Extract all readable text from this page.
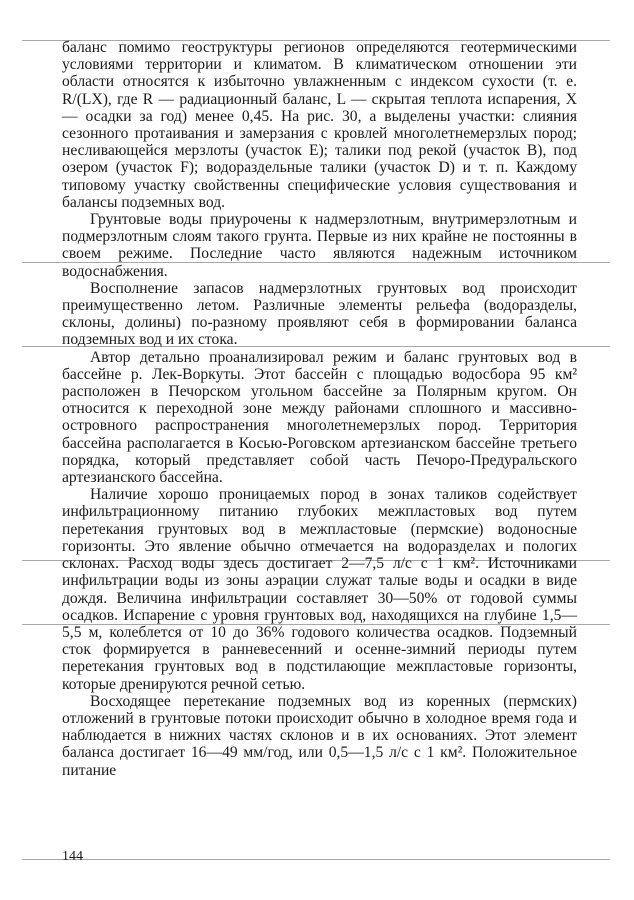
баланс помимо геоструктуры регионов определяются геотермическими условиями территории и климатом. В климатическом отношении эти области относятся к избыточно увлажненным с индексом сухости (т. е. R/(LX), где R — радиационный баланс, L — скрытая теплота испарения, X — осадки за год) менее 0,45. На рис. 30, а выделены участки: слияния сезонного протаивания и замерзания с кровлей многолетнемерзлых пород; несливающейся мерзлоты (участок E); талики под рекой (участок B), под озером (участок F); водораздельные талики (участок D) и т. п. Каждому типовому участку свойственны специфические условия существования и балансы подземных вод.

Грунтовые воды приурочены к надмерзлотным, внутримерзлотным и подмерзлотным слоям такого грунта. Первые из них крайне не постоянны в своем режиме. Последние часто являются надежным источником водоснабжения.

Восполнение запасов надмерзлотных грунтовых вод происходит преимущественно летом. Различные элементы рельефа (водоразделы, склоны, долины) по-разному проявляют себя в формировании баланса подземных вод и их стока.

Автор детально проанализировал режим и баланс грунтовых вод в бассейне р. Лек-Воркуты. Этот бассейн с площадью водосбора 95 км² расположен в Печорском угольном бассейне за Полярным кругом. Он относится к переходной зоне между районами сплошного и массивно-островного распространения многолетнемерзлых пород. Территория бассейна располагается в Косью-Роговском артезианском бассейне третьего порядка, который представляет собой часть Печоро-Предуральского артезианского бассейна.

Наличие хорошо проницаемых пород в зонах таликов содействует инфильтрационному питанию глубоких межпластовых вод путем перетекания грунтовых вод в межпластовые (пермские) водоносные горизонты. Это явление обычно отмечается на водоразделах и пологих склонах. Расход воды здесь достигает 2—7,5 л/с с 1 км². Источниками инфильтрации воды из зоны аэрации служат талые воды и осадки в виде дождя. Величина инфильтрации составляет 30—50% от годовой суммы осадков. Испарение с уровня грунтовых вод, находящихся на глубине 1,5—5,5 м, колеблется от 10 до 36% годового количества осадков. Подземный сток формируется в ранневесенний и осенне-зимний периоды путем перетекания грунтовых вод в подстилающие межпластовые горизонты, которые дренируются речной сетью.

Восходящее перетекание подземных вод из коренных (пермских) отложений в грунтовые потоки происходит обычно в холодное время года и наблюдается в нижних частях склонов и в их основаниях. Этот элемент баланса достигает 16—49 мм/год, или 0,5—1,5 л/с с 1 км². Положительное питание

144
